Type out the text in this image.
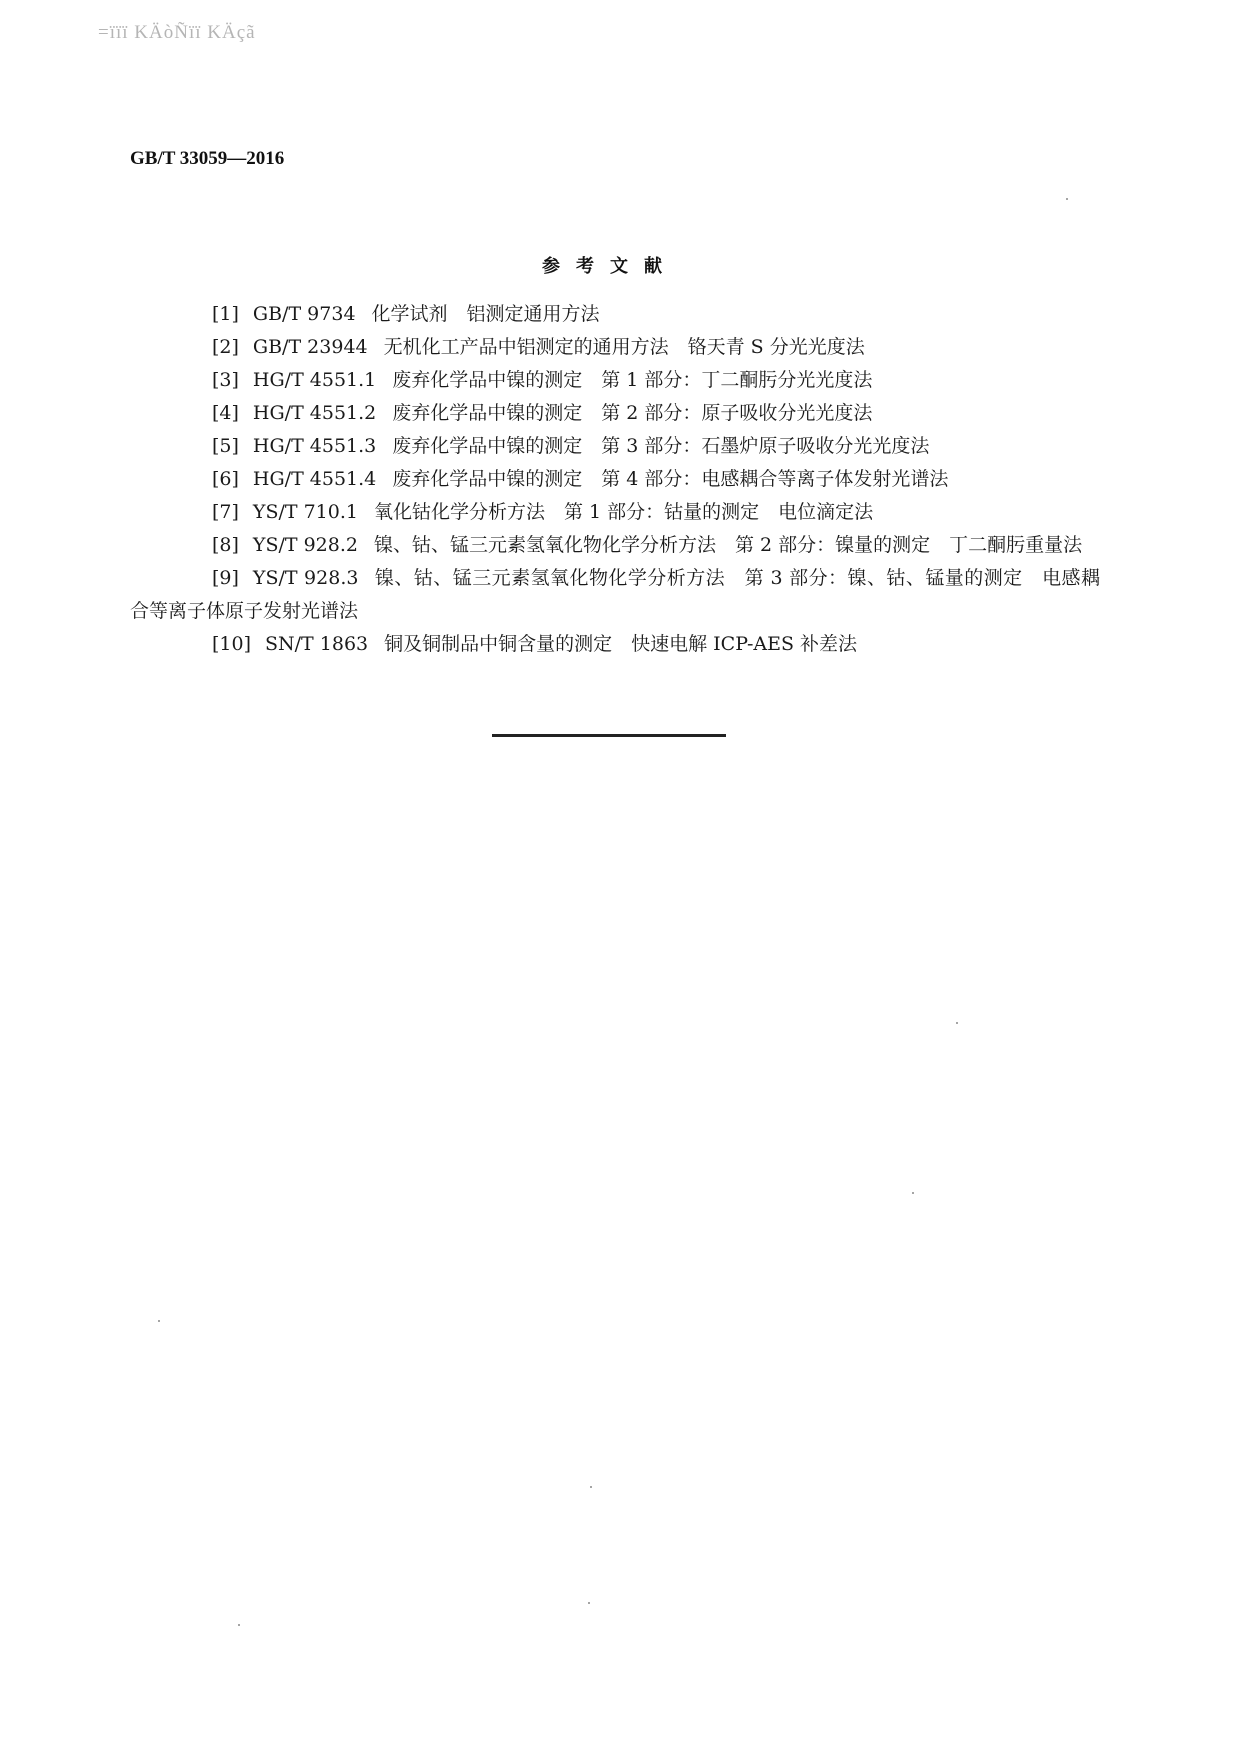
=ïïï KÄòÑïï KÄçã
GB/T 33059—2016
参考文献

[1] GB/T 9734 化学试剂　铝测定通用方法

[2] GB/T 23944 无机化工产品中铝测定的通用方法　铬天青 S 分光光度法

[3] HG/T 4551.1 废弃化学品中镍的测定　第 1 部分：丁二酮肟分光光度法

[4] HG/T 4551.2 废弃化学品中镍的测定　第 2 部分：原子吸收分光光度法

[5] HG/T 4551.3 废弃化学品中镍的测定　第 3 部分：石墨炉原子吸收分光光度法

[6] HG/T 4551.4 废弃化学品中镍的测定　第 4 部分：电感耦合等离子体发射光谱法

[7] YS/T 710.1 氧化钴化学分析方法　第 1 部分：钴量的测定　电位滴定法

[8] YS/T 928.2 镍、钴、锰三元素氢氧化物化学分析方法　第 2 部分：镍量的测定　丁二酮肟重量法

[9] YS/T 928.3 镍、钴、锰三元素氢氧化物化学分析方法　第 3 部分：镍、钴、锰量的测定　电感耦合等离子体原子发射光谱法

[10] SN/T 1863 铜及铜制品中铜含量的测定　快速电解 ICP-AES 补差法
